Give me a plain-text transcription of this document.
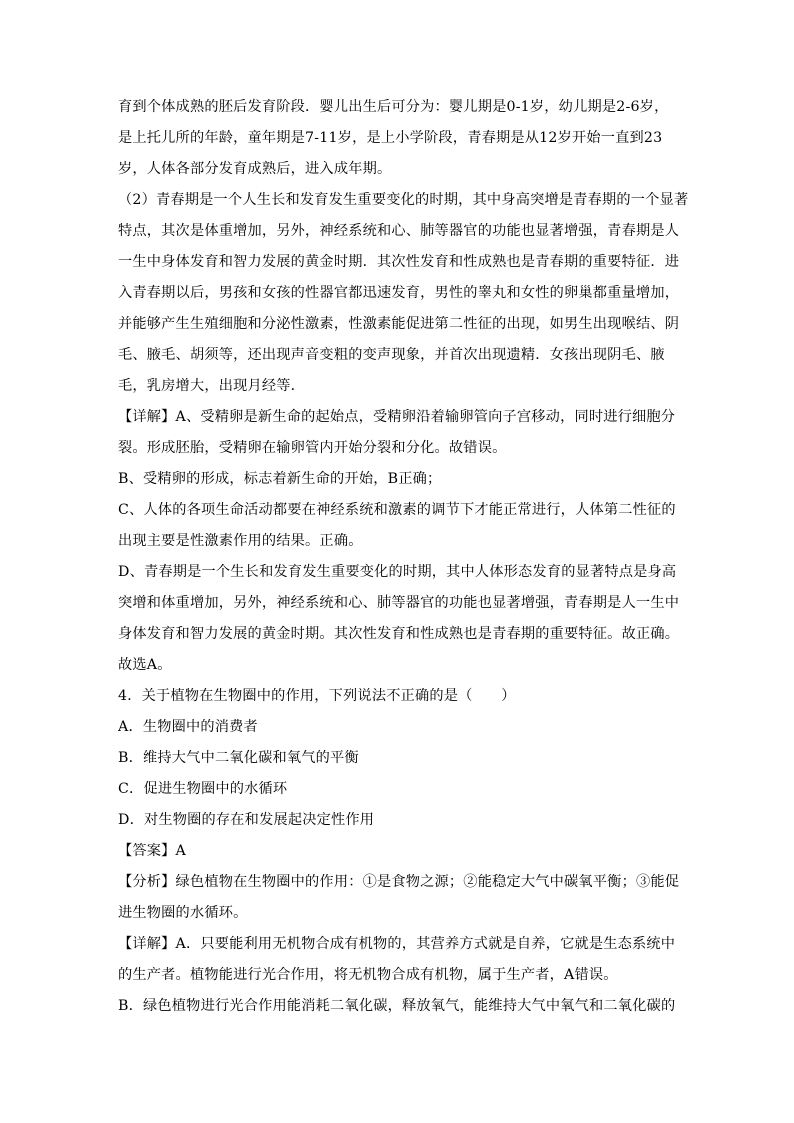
育到个体成熟的胚后发育阶段．婴儿出生后可分为：婴儿期是0-1岁，幼儿期是2-6岁，
是上托儿所的年龄，童年期是7-11岁，是上小学阶段，青春期是从12岁开始一直到23
岁，人体各部分发育成熟后，进入成年期。
（2）青春期是一个人生长和发育发生重要变化的时期，其中身高突增是青春期的一个显著
特点，其次是体重增加，另外，神经系统和心、肺等器官的功能也显著增强，青春期是人
一生中身体发育和智力发展的黄金时期．其次性发育和性成熟也是青春期的重要特征．进
入青春期以后，男孩和女孩的性器官都迅速发育，男性的睾丸和女性的卵巢都重量增加，
并能够产生生殖细胞和分泌性激素，性激素能促进第二性征的出现，如男生出现喉结、阴
毛、腋毛、胡须等，还出现声音变粗的变声现象，并首次出现遗精．女孩出现阴毛、腋
毛，乳房增大，出现月经等．
【详解】A、受精卵是新生命的起始点，受精卵沿着输卵管向子宫移动，同时进行细胞分
裂。形成胚胎，受精卵在输卵管内开始分裂和分化。故错误。
B、受精卵的形成，标志着新生命的开始，B正确；
C、人体的各项生命活动都要在神经系统和激素的调节下才能正常进行，人体第二性征的
出现主要是性激素作用的结果。正确。
D、青春期是一个生长和发育发生重要变化的时期，其中人体形态发育的显著特点是身高
突增和体重增加，另外，神经系统和心、肺等器官的功能也显著增强，青春期是人一生中
身体发育和智力发展的黄金时期。其次性发育和性成熟也是青春期的重要特征。故正确。
故选A。
4．关于植物在生物圈中的作用，下列说法不正确的是（　　）
A．生物圈中的消费者
B．维持大气中二氧化碳和氧气的平衡
C．促进生物圈中的水循环
D．对生物圈的存在和发展起决定性作用
【答案】A
【分析】绿色植物在生物圈中的作用：①是食物之源；②能稳定大气中碳氧平衡；③能促
进生物圈的水循环。
【详解】A．只要能利用无机物合成有机物的，其营养方式就是自养，它就是生态系统中
的生产者。植物能进行光合作用，将无机物合成有机物，属于生产者，A错误。
B．绿色植物进行光合作用能消耗二氧化碳，释放氧气，能维持大气中氧气和二氧化碳的
